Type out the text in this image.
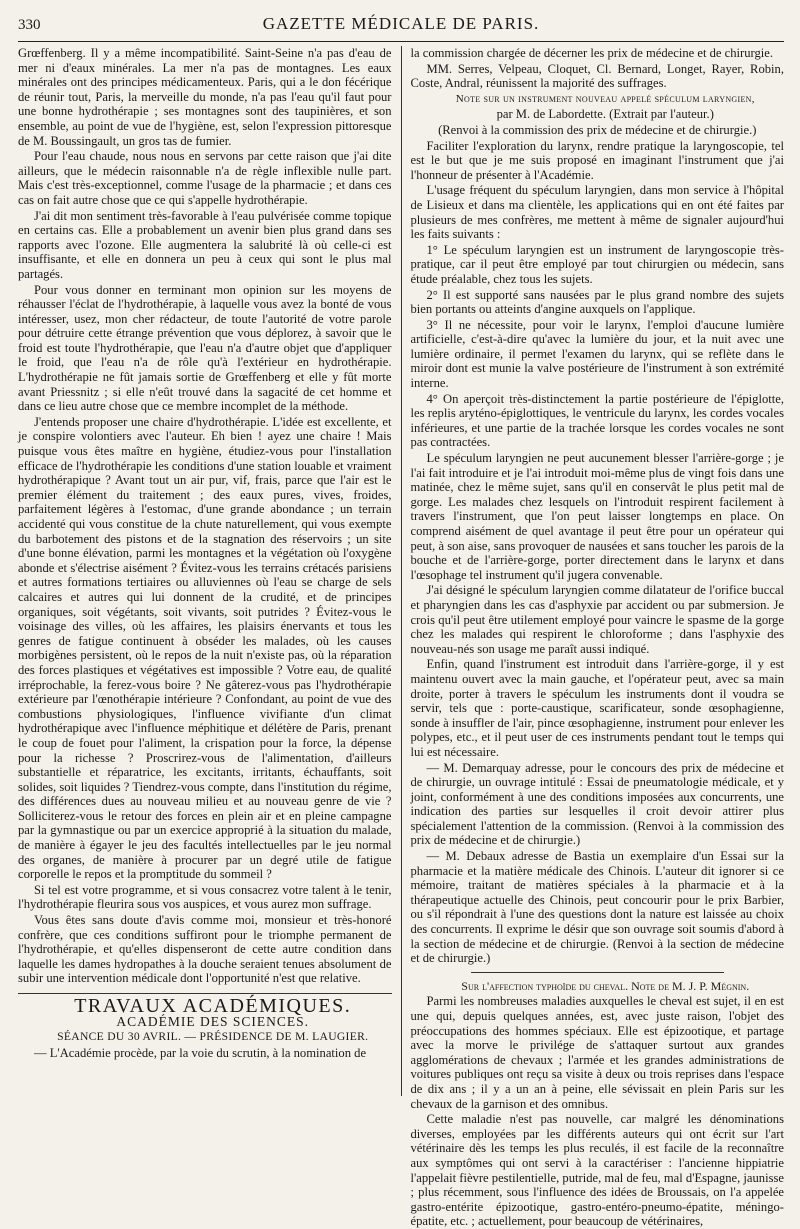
330	GAZETTE MÉDICALE DE PARIS.

Grœffenberg. Il y a même incompatibilité. Saint-Seine n'a pas d'eau de mer ni d'eaux minérales. La mer n'a pas de montagnes. Les eaux minérales ont des principes médicamenteux. Paris, qui a le don fécérique de réunir tout, Paris, la merveille du monde, n'a pas l'eau qu'il faut pour une bonne hydrothérapie ; ses montagnes sont des taupinières, et son ensemble, au point de vue de l'hygiène, est, selon l'expression pittoresque de M. Boussingault, un gros tas de fumier.

Pour l'eau chaude, nous nous en servons par cette raison que j'ai dite ailleurs, que le médecin raisonnable n'a de règle inflexible nulle part. Mais c'est très-exceptionnel, comme l'usage de la pharmacie ; et dans ces cas on fait autre chose que ce qui s'appelle hydrothérapie.

J'ai dit mon sentiment très-favorable à l'eau pulvérisée comme topique en certains cas. Elle a probablement un avenir bien plus grand dans ses rapports avec l'ozone. Elle augmentera la salubrité là où celle-ci est insuffisante, et elle en donnera un peu à ceux qui sont le plus mal partagés.

Pour vous donner en terminant mon opinion sur les moyens de réhausser l'éclat de l'hydrothérapie, à laquelle vous avez la bonté de vous intéresser, usez, mon cher rédacteur, de toute l'autorité de votre parole pour détruire cette étrange prévention que vous déplorez, à savoir que le froid est toute l'hydrothérapie, que l'eau n'a d'autre objet que d'appliquer le froid, que l'eau n'a de rôle qu'à l'extérieur en hydrothérapie. L'hydrothérapie ne fût jamais sortie de Grœffenberg et elle y fût morte avant Priessnitz ; si elle n'eût trouvé dans la sagacité de cet homme et dans ce lieu autre chose que ce membre incomplet de la méthode.

J'entends proposer une chaire d'hydrothérapie. L'idée est excellente, et je conspire volontiers avec l'auteur. Eh bien ! ayez une chaire ! Mais puisque vous êtes maître en hygiène, étudiez-vous pour l'installation efficace de l'hydrothérapie les conditions d'une station louable et vraiment hydrothérapique ? Avant tout un air pur, vif, frais, parce que l'air est le premier élément du traitement ; des eaux pures, vives, froides, parfaitement légères à l'estomac, d'une grande abondance ; un terrain accidenté qui vous constitue de la chute naturellement, qui vous exempte du barbotement des pistons et de la stagnation des réservoirs ; un site d'une bonne élévation, parmi les montagnes et la végétation où l'oxygène abonde et s'électrise aisément ? Évitez-vous les terrains crétacés parisiens et autres formations tertiaires ou alluviennes où l'eau se charge de sels calcaires et autres qui lui donnent de la crudité, et de principes organiques, soit végétants, soit vivants, soit putrides ? Évitez-vous le voisinage des villes, où les affaires, les plaisirs énervants et tous les genres de fatigue continuent à obséder les malades, où les causes morbigènes persistent, où le repos de la nuit n'existe pas, où la réparation des forces plastiques et végétatives est impossible ? Votre eau, de qualité irréprochable, la ferez-vous boire ? Ne gâterez-vous pas l'hydrothérapie extérieure par l'œnothérapie intérieure ? Confondant, au point de vue des combustions physiologiques, l'influence vivifiante d'un climat hydrothérapique avec l'influence méphitique et délétère de Paris, prenant le coup de fouet pour l'aliment, la crispation pour la force, la dépense pour la richesse ? Proscrirez-vous de l'alimentation, d'ailleurs substantielle et réparatrice, les excitants, irritants, échauffants, soit solides, soit liquides ? Tiendrez-vous compte, dans l'institution du régime, des différences dues au nouveau milieu et au nouveau genre de vie ? Solliciterez-vous le retour des forces en plein air et en pleine campagne par la gymnastique ou par un exercice approprié à la situation du malade, de manière à égayer le jeu des facultés intellectuelles par le jeu normal des organes, de manière à procurer par un degré utile de fatigue corporelle le repos et la promptitude du sommeil ?

Si tel est votre programme, et si vous consacrez votre talent à le tenir, l'hydrothérapie fleurira sous vos auspices, et vous aurez mon suffrage.

Vous êtes sans doute d'avis comme moi, monsieur et très-honoré confrère, que ces conditions suffiront pour le triomphe permanent de l'hydrothérapie, et qu'elles dispenseront de cette autre condition dans laquelle les dames hydropathes à la douche seraient tenues absolument de subir une intervention médicale dont l'opportunité n'est que relative.

TRAVAUX ACADÉMIQUES.

ACADÉMIE DES SCIENCES.

SÉANCE DU 30 AVRIL. — PRÉSIDENCE DE M. LAUGIER.

— L'Académie procède, par la voie du scrutin, à la nomination de

la commission chargée de décerner les prix de médecine et de chirurgie.

MM. Serres, Velpeau, Cloquet, Cl. Bernard, Longet, Rayer, Robin, Coste, Andral, réunissent la majorité des suffrages.

Note sur un instrument nouveau appelé spéculum laryngien,

par M. de Labordette. (Extrait par l'auteur.)

(Renvoi à la commission des prix de médecine et de chirurgie.)

Faciliter l'exploration du larynx, rendre pratique la laryngoscopie, tel est le but que je me suis proposé en imaginant l'instrument que j'ai l'honneur de présenter à l'Académie.

L'usage fréquent du spéculum laryngien, dans mon service à l'hôpital de Lisieux et dans ma clientèle, les applications qui en ont été faites par plusieurs de mes confrères, me mettent à même de signaler aujourd'hui les faits suivants :

1° Le spéculum laryngien est un instrument de laryngoscopie très-pratique, car il peut être employé par tout chirurgien ou médecin, sans étude préalable, chez tous les sujets.

2° Il est supporté sans nausées par le plus grand nombre des sujets bien portants ou atteints d'angine auxquels on l'applique.

3° Il ne nécessite, pour voir le larynx, l'emploi d'aucune lumière artificielle, c'est-à-dire qu'avec la lumière du jour, et la nuit avec une lumière ordinaire, il permet l'examen du larynx, qui se reflète dans le miroir dont est munie la valve postérieure de l'instrument à son extrémité interne.

4° On aperçoit très-distinctement la partie postérieure de l'épiglotte, les replis aryténo-épiglottiques, le ventricule du larynx, les cordes vocales inférieures, et une partie de la trachée lorsque les cordes vocales ne sont pas contractées.

Le spéculum laryngien ne peut aucunement blesser l'arrière-gorge ; je l'ai fait introduire et je l'ai introduit moi-même plus de vingt fois dans une matinée, chez le même sujet, sans qu'il en conservât le plus petit mal de gorge. Les malades chez lesquels on l'introduit respirent facilement à travers l'instrument, que l'on peut laisser longtemps en place. On comprend aisément de quel avantage il peut être pour un opérateur qui peut, à son aise, sans provoquer de nausées et sans toucher les parois de la bouche et de l'arrière-gorge, porter directement dans le larynx et dans l'œsophage tel instrument qu'il jugera convenable.

J'ai désigné le spéculum laryngien comme dilatateur de l'orifice buccal et pharyngien dans les cas d'asphyxie par accident ou par submersion. Je crois qu'il peut être utilement employé pour vaincre le spasme de la gorge chez les malades qui respirent le chloroforme ; dans l'asphyxie des nouveau-nés son usage me paraît aussi indiqué.

Enfin, quand l'instrument est introduit dans l'arrière-gorge, il y est maintenu ouvert avec la main gauche, et l'opérateur peut, avec sa main droite, porter à travers le spéculum les instruments dont il voudra se servir, tels que : porte-caustique, scarificateur, sonde œsophagienne, sonde à insuffler de l'air, pince œsophagienne, instrument pour enlever les polypes, etc., et il peut user de ces instruments pendant tout le temps qui lui est nécessaire.

— M. Demarquay adresse, pour le concours des prix de médecine et de chirurgie, un ouvrage intitulé : Essai de pneumatologie médicale, et y joint, conformément à une des conditions imposées aux concurrents, une indication des parties sur lesquelles il croit devoir attirer plus spécialement l'attention de la commission. (Renvoi à la commission des prix de médecine et de chirurgie.)

— M. Debaux adresse de Bastia un exemplaire d'un Essai sur la pharmacie et la matière médicale des Chinois. L'auteur dit ignorer si ce mémoire, traitant de matières spéciales à la pharmacie et à la thérapeutique actuelle des Chinois, peut concourir pour le prix Barbier, ou s'il répondrait à l'une des questions dont la nature est laissée au choix des concurrents. Il exprime le désir que son ouvrage soit soumis d'abord à la section de médecine et de chirurgie. (Renvoi à la section de médecine et de chirurgie.)

Sur l'affection typhoïde du cheval. Note de M. J. P. Mégnin.

Parmi les nombreuses maladies auxquelles le cheval est sujet, il en est une qui, depuis quelques années, est, avec juste raison, l'objet des préoccupations des hommes spéciaux. Elle est épizootique, et partage avec la morve le privilége de s'attaquer surtout aux grandes agglomérations de chevaux ; l'armée et les grandes administrations de voitures publiques ont reçu sa visite à deux ou trois reprises dans l'espace de dix ans ; il y a un an à peine, elle sévissait en plein Paris sur les chevaux de la garnison et des omnibus.

Cette maladie n'est pas nouvelle, car malgré les dénominations diverses, employées par les différents auteurs qui ont écrit sur l'art vétérinaire dès les temps les plus reculés, il est facile de la reconnaître aux symptômes qui ont servi à la caractériser : l'ancienne hippiatrie l'appelait fièvre pestilentielle, putride, mal de feu, mal d'Espagne, jaunisse ; plus récemment, sous l'influence des idées de Broussais, on l'a appelée gastro-entérite épizootique, gastro-entéro-pneumo-épatite, méningo-épatite, etc. ; actuellement, pour beaucoup de vétérinaires,
